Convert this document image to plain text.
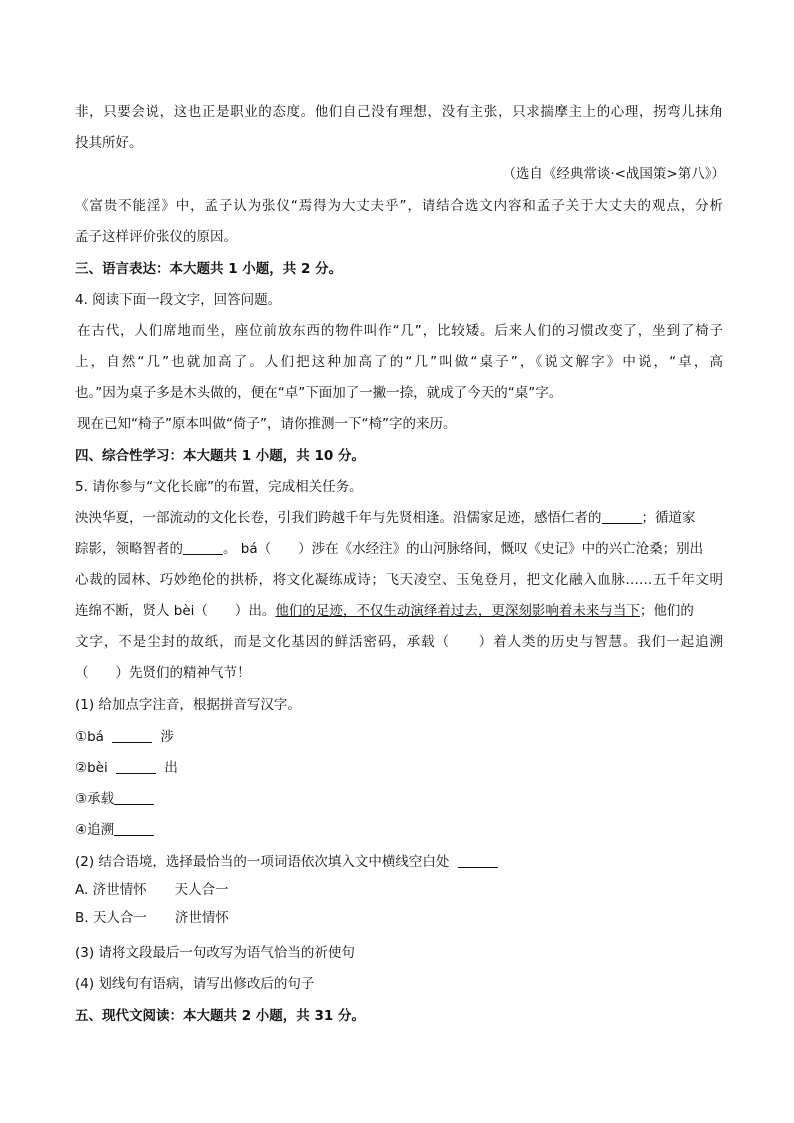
非，只要会说，这也正是职业的态度。他们自己没有理想，没有主张，只求揣摩主上的心理，拐弯儿抹角
投其所好。
（选自《经典常谈·<战国策>第八》）
《富贵不能淫》中，孟子认为张仪“焉得为大丈夫乎”，请结合选文内容和孟子关于大丈夫的观点，分析
孟子这样评价张仪的原因。
三、语言表达：本大题共 1 小题，共 2 分。
4. 阅读下面一段文字，回答问题。
在古代，人们席地而坐，座位前放东西的物件叫作“几”，比较矮。后来人们的习惯改变了，坐到了椅子
上，自然“几”也就加高了。人们把这种加高了的“几”叫做“桌子”，《说文解字》中说，“卓，高
也。”因为桌子多是木头做的，便在“卓”下面加了一撇一捺，就成了今天的“桌”字。
现在已知“椅子”原本叫做“倚子”，请你推测一下“椅”字的来历。
四、综合性学习：本大题共 1 小题，共 10 分。
5. 请你参与“文化长廊”的布置，完成相关任务。
泱泱华夏，一部流动的文化长卷，引我们跨越千年与先贤相逢。沿儒家足迹，感悟仁者的	；循道家
踪影，领略智者的	。 bá（　　）涉在《水经注》的山河脉络间，慨叹《史记》中的兴亡沧桑；别出
心裁的园林、巧妙绝伦的拱桥，将文化凝练成诗；飞天凌空、玉兔登月，把文化融入血脉……五千年文明
连绵不断，贤人 bèi（　　）出。他们的足迹，不仅生动演绎着过去，更深刻影响着未来与当下；他们的
文字，不是尘封的故纸，而是文化基因的鲜活密码，承载（　　）着人类的历史与智慧。我们一起追溯
（　　）先贤们的精神气节！
(1) 给加点字注音，根据拼音写汉字。
①bá	涉
②bèi	出
③承载
④追溯
(2) 结合语境，选择最恰当的一项词语依次填入文中横线空白处
A. 济世情怀 天人合一
B. 天人合一 济世情怀
(3) 请将文段最后一句改写为语气恰当的祈使句
(4) 划线句有语病，请写出修改后的句子
五、现代文阅读：本大题共 2 小题，共 31 分。
